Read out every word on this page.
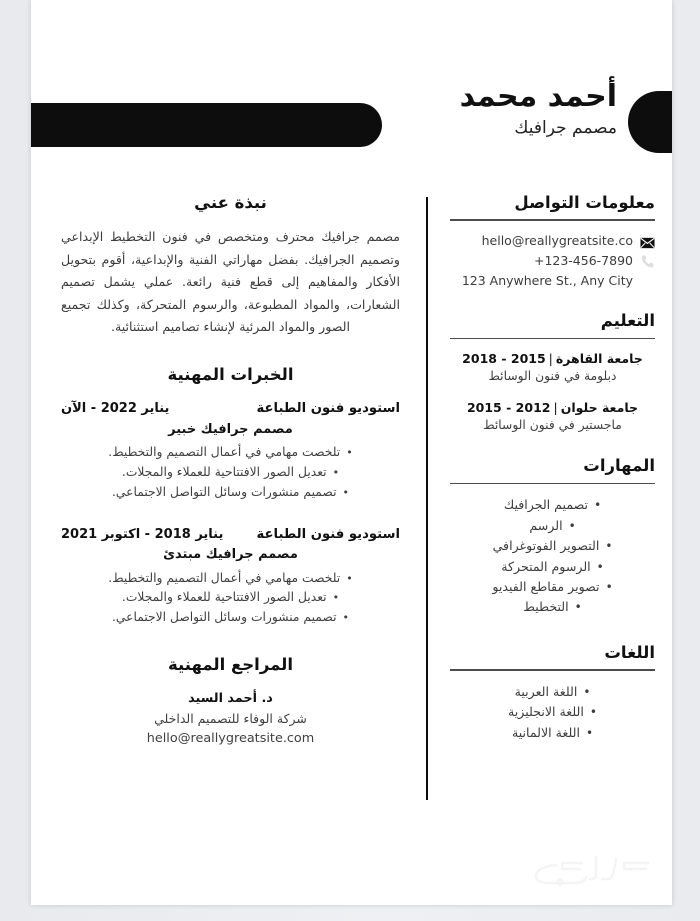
أحمد محمد
مصمم جرافيك
معلومات التواصل
hello@reallygreatsite.co
+123-456-7890
123 Anywhere St., Any City
التعليم
جامعة القاهرة|2015 - 2018
دبلومة في فنون الوسائط
جامعة حلوان|2012 - 2015
ماجستير في فنون الوسائط
المهارات
• تصميم الجرافيك
• الرسم
• التصوير الفوتوغرافي
• الرسوم المتحركة
• تصوير مقاطع الفيديو
• التخطيط
اللغات
• اللغة العربية
• اللغة الانجليزية
• اللغة الالمانية
نبذة عني
مصمم جرافيك محترف ومتخصص في فنون التخطيط الإبداعي وتصميم الجرافيك. بفضل مهاراتي الفنية والإبداعية، أقوم بتحويل الأفكار والمفاهيم إلى قطع فنية رائعة. عملي يشمل تصميم الشعارات، والمواد المطبوعة، والرسوم المتحركة، وكذلك تجميع الصور والمواد المرئية لإنشاء تصاميم استثنائية.
الخبرات المهنية
استوديو فنون الطباعة
يناير 2022 - الآن
مصمم جرافيك خبير
• تلخصت مهامي في أعمال التصميم والتخطيط.
• تعديل الصور الافتتاحية للعملاء والمجلات.
• تصميم منشورات وسائل التواصل الاجتماعي.
استوديو فنون الطباعة
يناير 2018 - اكتوبر 2021
مصمم جرافيك مبتدئ
• تلخصت مهامي في أعمال التصميم والتخطيط.
• تعديل الصور الافتتاحية للعملاء والمجلات.
• تصميم منشورات وسائل التواصل الاجتماعي.
المراجع المهنية
د. أحمد السيد
شركة الوفاء للتصميم الداخلي
hello@reallygreatsite.com
